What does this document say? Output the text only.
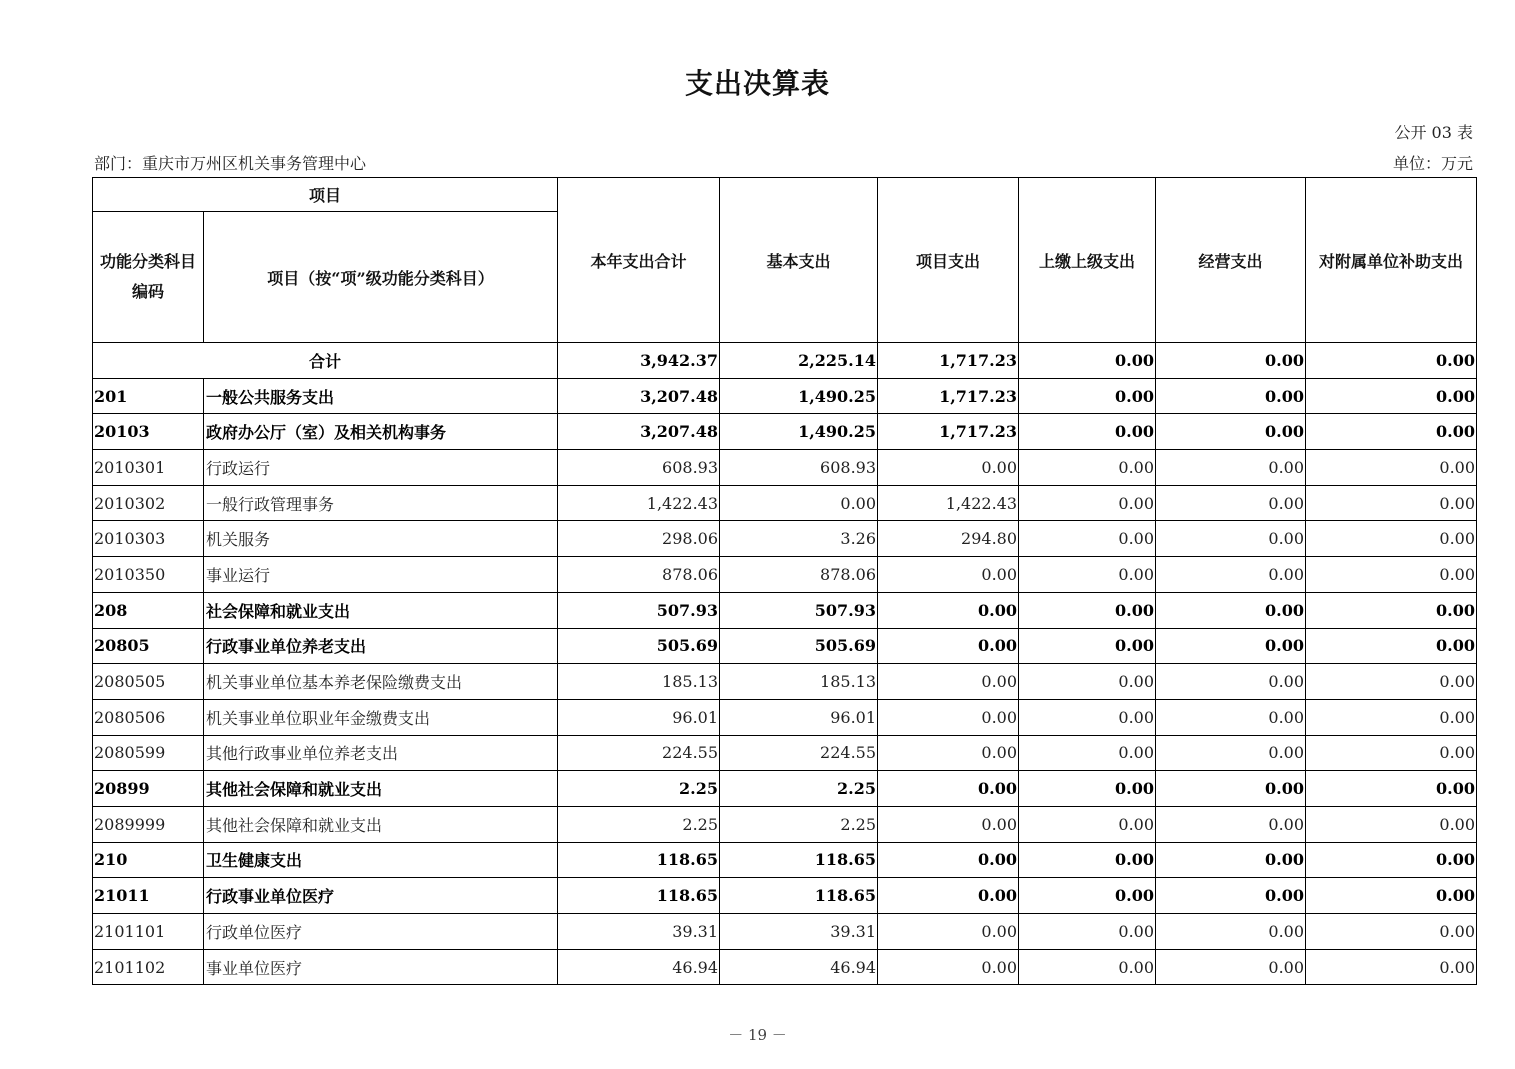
支出决算表
公开 03 表
部门：重庆市万州区机关事务管理中心	单位：万元
项目		本年支出合计	基本支出	项目支出	上缴上级支出	经营支出	对附属单位补助支出
功能分类科目编码	项目（按“项”级功能分类科目）						
合计		3,942.37	2,225.14	1,717.23	0.00	0.00	0.00
201	一般公共服务支出	3,207.48	1,490.25	1,717.23	0.00	0.00	0.00
20103	政府办公厅（室）及相关机构事务	3,207.48	1,490.25	1,717.23	0.00	0.00	0.00
2010301	行政运行	608.93	608.93	0.00	0.00	0.00	0.00
2010302	一般行政管理事务	1,422.43	0.00	1,422.43	0.00	0.00	0.00
2010303	机关服务	298.06	3.26	294.80	0.00	0.00	0.00
2010350	事业运行	878.06	878.06	0.00	0.00	0.00	0.00
208	社会保障和就业支出	507.93	507.93	0.00	0.00	0.00	0.00
20805	行政事业单位养老支出	505.69	505.69	0.00	0.00	0.00	0.00
2080505	机关事业单位基本养老保险缴费支出	185.13	185.13	0.00	0.00	0.00	0.00
2080506	机关事业单位职业年金缴费支出	96.01	96.01	0.00	0.00	0.00	0.00
2080599	其他行政事业单位养老支出	224.55	224.55	0.00	0.00	0.00	0.00
20899	其他社会保障和就业支出	2.25	2.25	0.00	0.00	0.00	0.00
2089999	其他社会保障和就业支出	2.25	2.25	0.00	0.00	0.00	0.00
210	卫生健康支出	118.65	118.65	0.00	0.00	0.00	0.00
21011	行政事业单位医疗	118.65	118.65	0.00	0.00	0.00	0.00
2101101	行政单位医疗	39.31	39.31	0.00	0.00	0.00	0.00
2101102	事业单位医疗	46.94	46.94	0.00	0.00	0.00	0.00
－ 19 －
